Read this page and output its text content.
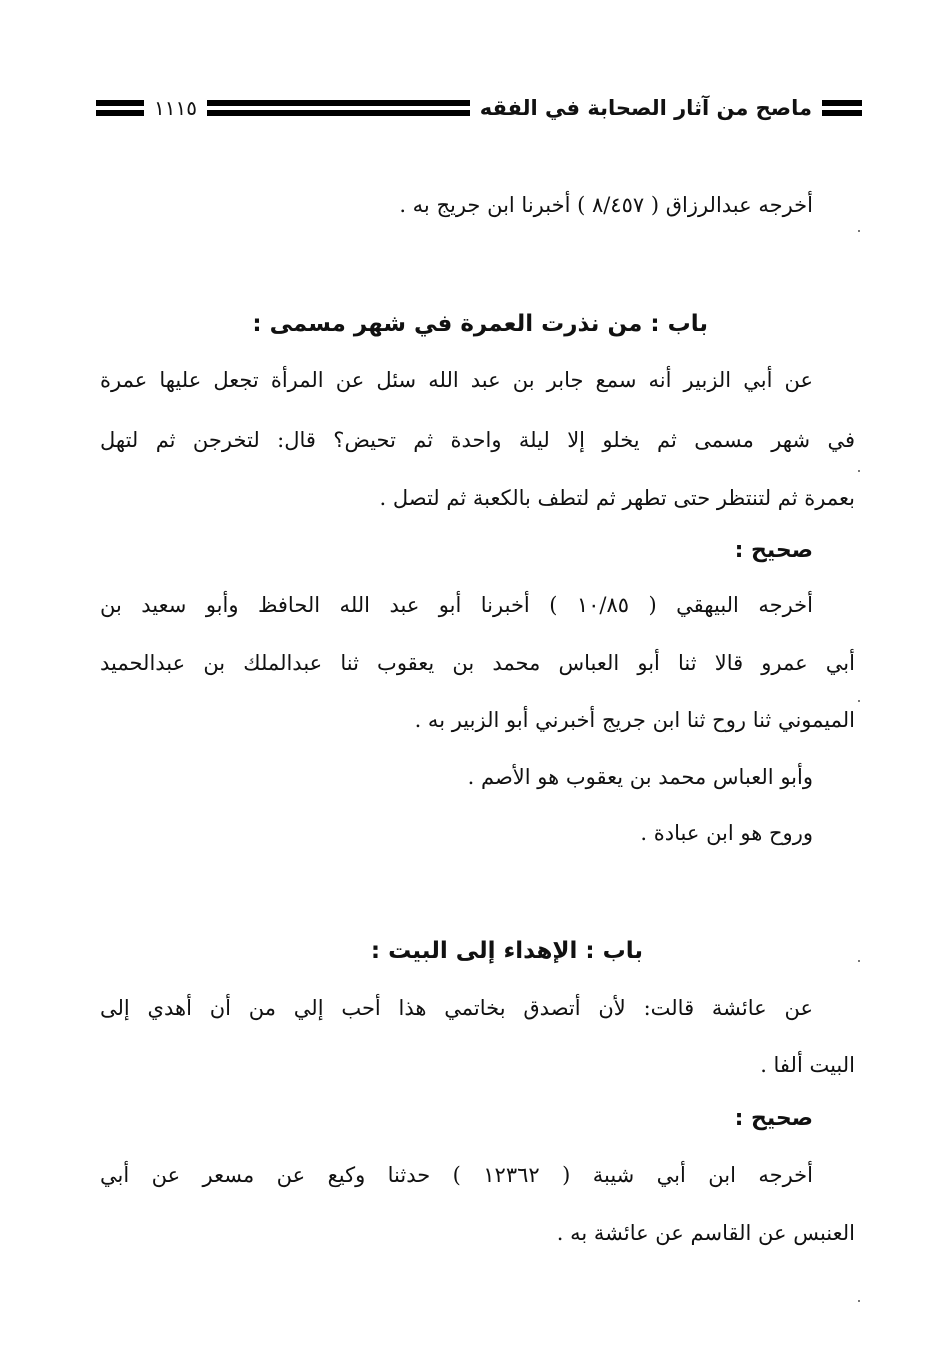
ماصح من آثار الصحابة في الفقه
١١١٥
أخرجه عبدالرزاق ( ٨/٤٥٧ ) أخبرنا ابن جريج به .
باب : من نذرت العمرة في شهر مسمى :
عن أبي الزبير أنه سمع جابر بن عبد الله سئل عن المرأة تجعل عليها عمرة
في شهر مسمى ثم يخلو إلا ليلة واحدة ثم تحيض؟ قال: لتخرجن ثم لتهل
بعمرة ثم لتنتظر حتى تطهر ثم لتطف بالكعبة ثم لتصل .
صحيح :
أخرجه البيهقي ( ١٠/٨٥ ) أخبرنا أبو عبد الله الحافظ وأبو سعيد بن
أبي عمرو قالا ثنا أبو العباس محمد بن يعقوب ثنا عبدالملك بن عبدالحميد
الميموني ثنا روح ثنا ابن جريج أخبرني أبو الزبير به .
وأبو العباس محمد بن يعقوب هو الأصم .
وروح هو ابن عبادة .
باب : الإهداء إلى البيت :
عن عائشة قالت: لأن أتصدق بخاتمي هذا أحب إلي من أن أهدي إلى
البيت ألفا .
صحيح :
أخرجه ابن أبي شيبة ( ١٢٣٦٢ ) حدثنا وكيع عن مسعر عن أبي
العنبس عن القاسم عن عائشة به .
